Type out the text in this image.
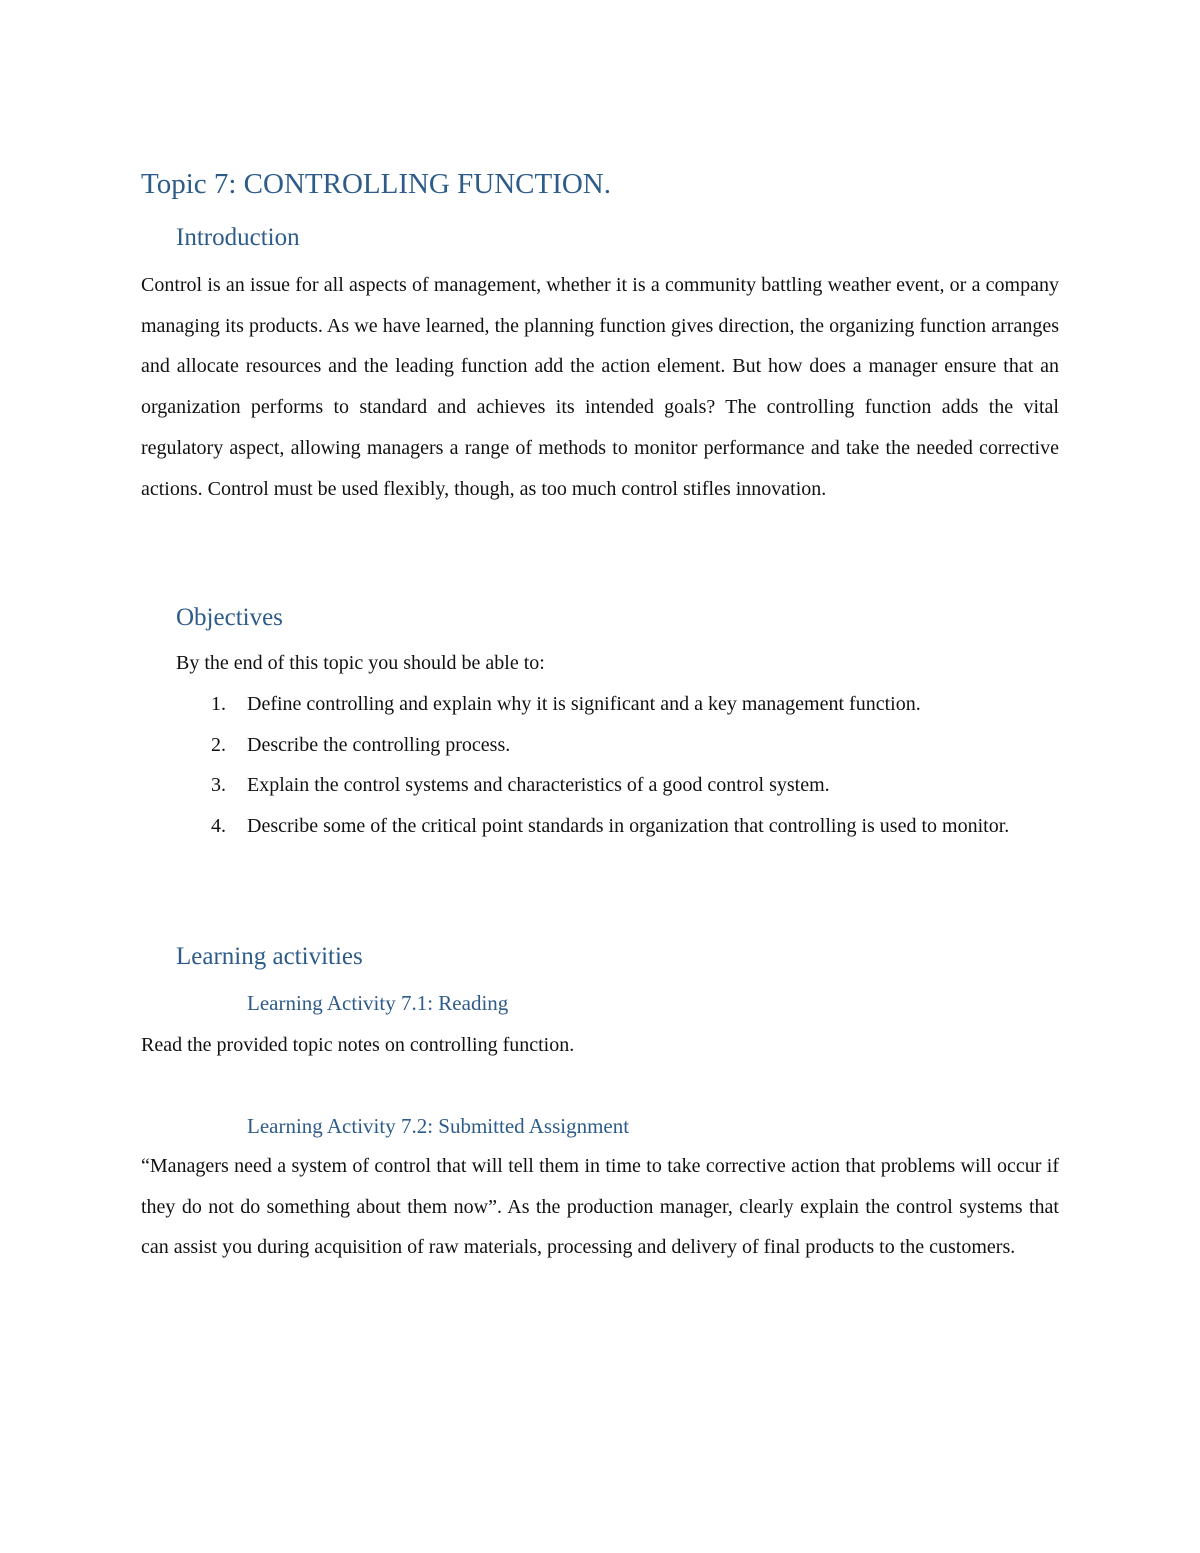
Topic 7: CONTROLLING FUNCTION.
Introduction

Control is an issue for all aspects of management, whether it is a community battling weather event, or a company managing its products. As we have learned, the planning function gives direction, the organizing function arranges and allocate resources and the leading function add the action element. But how does a manager ensure that an organization performs to standard and achieves its intended goals? The controlling function adds the vital regulatory aspect, allowing managers a range of methods to monitor performance and take the needed corrective actions. Control must be used flexibly, though, as too much control stifles innovation.

Objectives

By the end of this topic you should be able to:

1.	Define controlling and explain why it is significant and a key management function.
2.	Describe the controlling process.
3.	Explain the control systems and characteristics of a good control system.
4.	Describe some of the critical point standards in organization that controlling is used to monitor.
Learning activities
Learning Activity 7.1: Reading

Read the provided topic notes on controlling function.

Learning Activity 7.2: Submitted Assignment

“Managers need a system of control that will tell them in time to take corrective action that problems will occur if they do not do something about them now”. As the production manager, clearly explain the control systems that can assist you during acquisition of raw materials, processing and delivery of final products to the customers.
